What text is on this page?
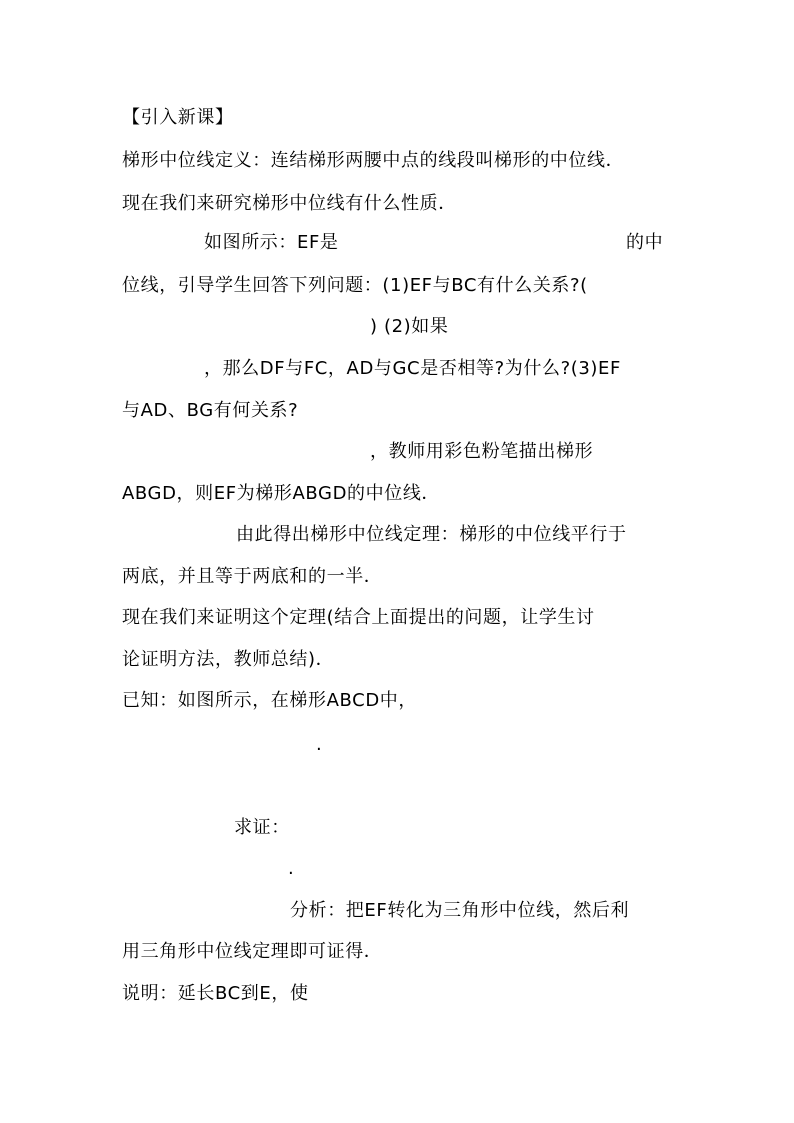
【引入新课】
梯形中位线定义：连结梯形两腰中点的线段叫梯形的中位线．
现在我们来研究梯形中位线有什么性质．
如图所示：EF是	的中
位线，引导学生回答下列问题：(1)EF与BC有什么关系?(
) (2)如果
，那么DF与FC，AD与GC是否相等?为什么?(3)EF
与AD、BG有何关系?
，教师用彩色粉笔描出梯形
ABGD，则EF为梯形ABGD的中位线．
由此得出梯形中位线定理：梯形的中位线平行于
两底，并且等于两底和的一半．
现在我们来证明这个定理(结合上面提出的问题，让学生讨
论证明方法，教师总结)．
已知：如图所示，在梯形ABCD中，
.
求证：
.
分析：把EF转化为三角形中位线，然后利
用三角形中位线定理即可证得．
说明：延长BC到E，使
